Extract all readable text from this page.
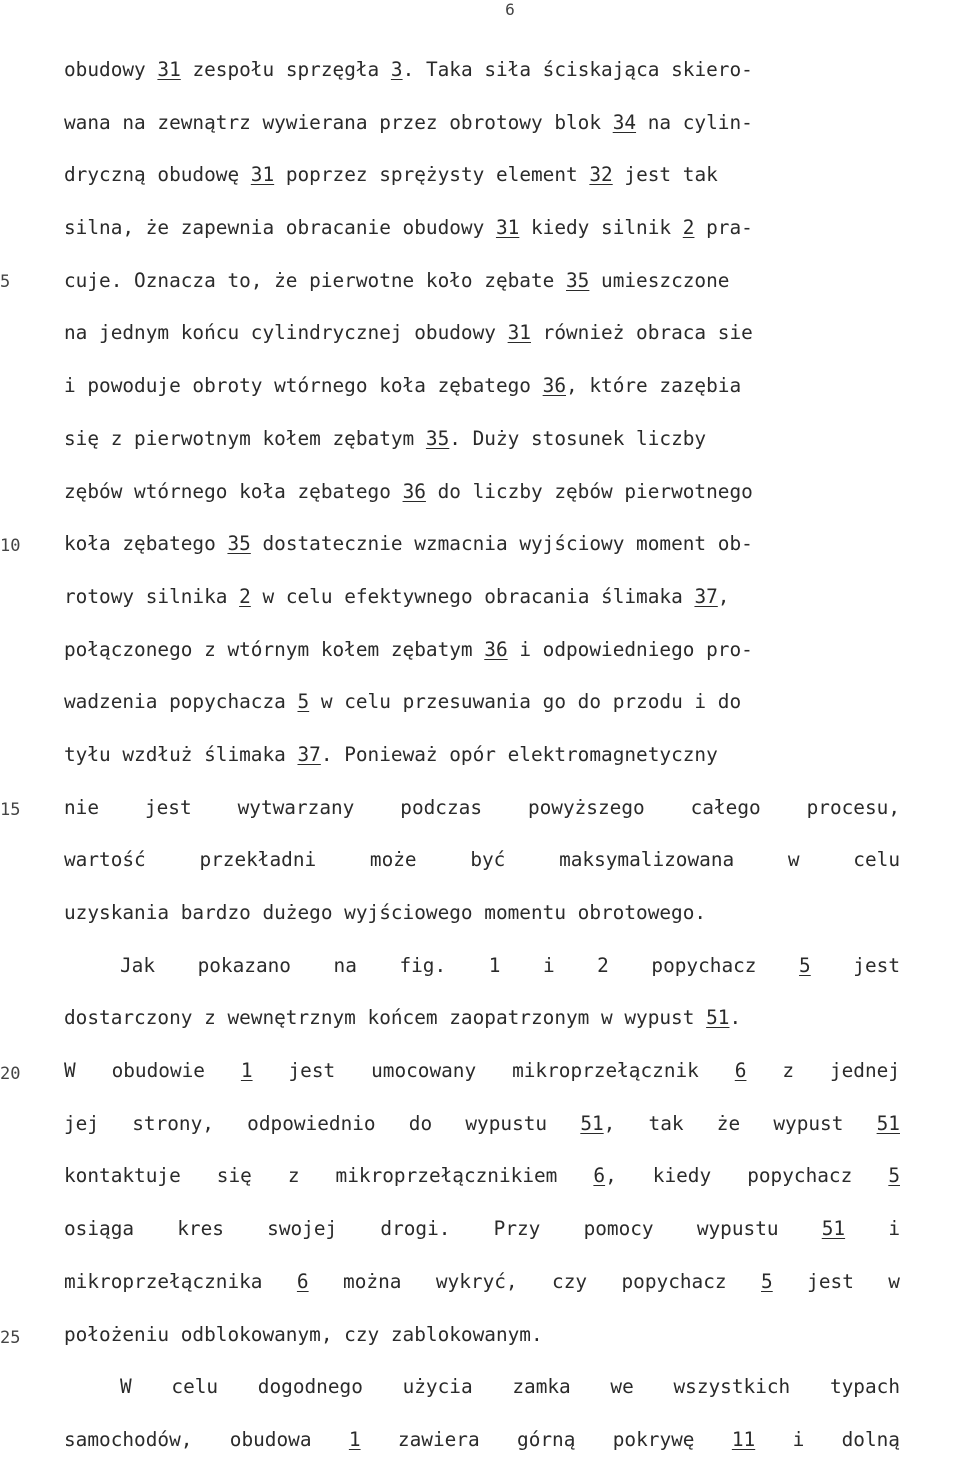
6
5
10
15
20
25
obudowy 31 zespołu sprzęgła 3. Taka siła ściskająca skiero-
wana na zewnątrz wywierana przez obrotowy blok 34 na cylin-
dryczną obudowę 31 poprzez sprężysty element 32 jest tak
silna, że zapewnia obracanie obudowy 31 kiedy silnik 2 pra-
cuje. Oznacza to, że pierwotne koło zębate 35 umieszczone
na jednym końcu cylindrycznej obudowy 31 również obraca sie
i powoduje obroty wtórnego koła zębatego 36, które zazębia
się z pierwotnym kołem zębatym 35. Duży stosunek liczby
zębów wtórnego koła zębatego 36 do liczby zębów pierwotnego
koła zębatego 35 dostatecznie wzmacnia wyjściowy moment ob-
rotowy silnika 2 w celu efektywnego obracania ślimaka 37,
połączonego z wtórnym kołem zębatym 36 i odpowiedniego pro-
wadzenia popychacza 5 w celu przesuwania go do przodu i do
tyłu wzdłuż ślimaka 37. Ponieważ opór elektromagnetyczny
nie jest wytwarzany podczas powyższego całego procesu,
wartość przekładni może być maksymalizowana w celu
uzyskania bardzo dużego wyjściowego momentu obrotowego.
Jak pokazano na fig. 1 i 2 popychacz 5 jest
dostarczony z wewnętrznym końcem zaopatrzonym w wypust 51.
W obudowie 1 jest umocowany mikroprzełącznik 6 z jednej
jej strony, odpowiednio do wypustu 51, tak że wypust 51
kontaktuje się z mikroprzełącznikiem 6, kiedy popychacz 5
osiąga kres swojej drogi. Przy pomocy wypustu 51 i
mikroprzełącznika 6 można wykryć, czy popychacz 5 jest w
położeniu odblokowanym, czy zablokowanym.
W celu dogodnego użycia zamka we wszystkich typach
samochodów, obudowa 1 zawiera górną pokrywę 11 i dolną
